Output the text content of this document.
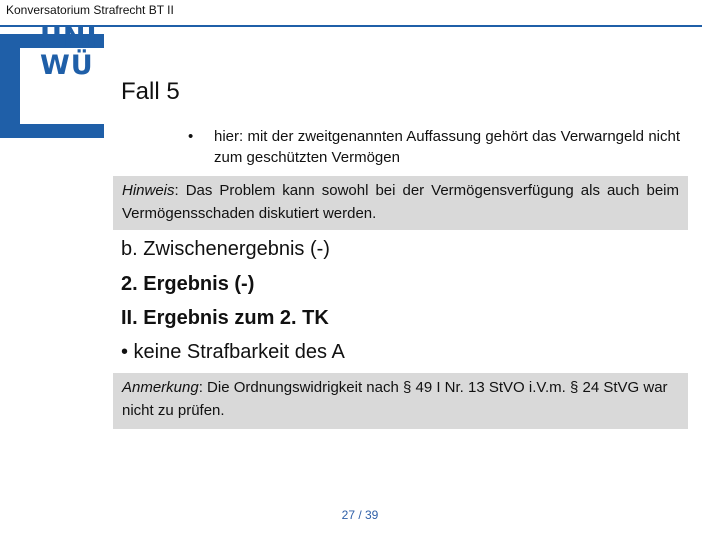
Konversatorium Strafrecht BT II
UNI
WÜ
Fall 5
• hier: mit der zweitgenannten Auffassung gehört das Verwarngeld nicht zum geschützten Vermögen
Hinweis: Das Problem kann sowohl bei der Vermögensverfügung als auch beim Vermögensschaden diskutiert werden.
b. Zwischenergebnis (-)
2. Ergebnis (-)
II. Ergebnis zum 2. TK
• keine Strafbarkeit des A
Anmerkung: Die Ordnungswidrigkeit nach § 49 I Nr. 13 StVO i.V.m. § 24 StVG war nicht zu prüfen.
27 / 39
